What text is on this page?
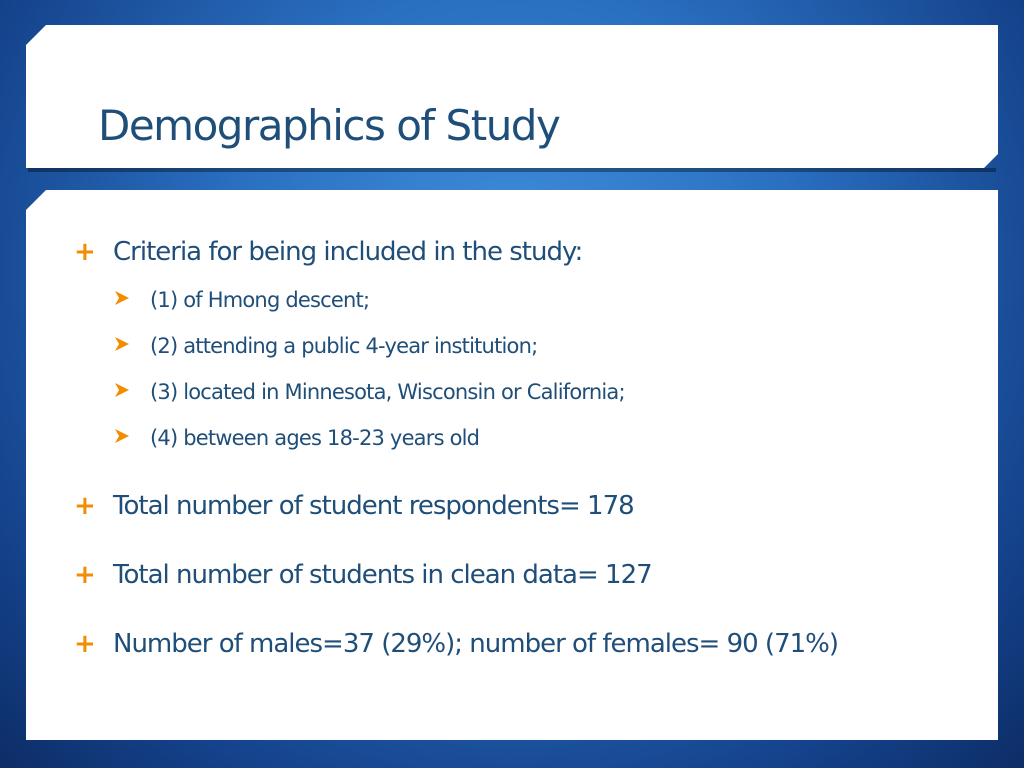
Demographics of Study
+ Criteria for being included in the study:
(1) of Hmong descent;
(2) attending a public 4-year institution;
(3) located in Minnesota, Wisconsin or California;
(4) between ages 18-23 years old
+ Total number of student respondents= 178
+ Total number of students in clean data= 127
+ Number of males=37 (29%); number of females= 90 (71%)
